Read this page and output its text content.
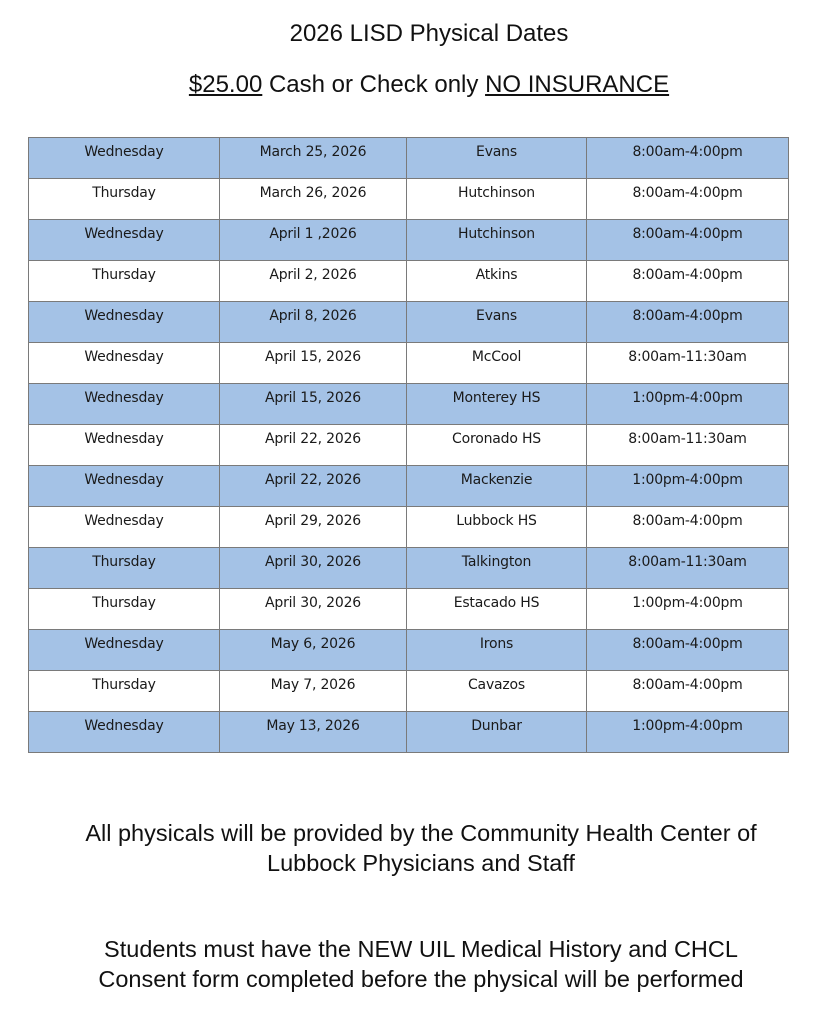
2026 LISD Physical Dates
$25.00 Cash or Check only NO INSURANCE
Wednesday	March 25, 2026	Evans	8:00am-4:00pm
Thursday	March 26, 2026	Hutchinson	8:00am-4:00pm
Wednesday	April 1 ,2026	Hutchinson	8:00am-4:00pm
Thursday	April 2, 2026	Atkins	8:00am-4:00pm
Wednesday	April 8, 2026	Evans	8:00am-4:00pm
Wednesday	April 15, 2026	McCool	8:00am-11:30am
Wednesday	April 15, 2026	Monterey HS	1:00pm-4:00pm
Wednesday	April 22, 2026	Coronado HS	8:00am-11:30am
Wednesday	April 22, 2026	Mackenzie	1:00pm-4:00pm
Wednesday	April 29, 2026	Lubbock HS	8:00am-4:00pm
Thursday	April 30, 2026	Talkington	8:00am-11:30am
Thursday	April 30, 2026	Estacado HS	1:00pm-4:00pm
Wednesday	May 6, 2026	Irons	8:00am-4:00pm
Thursday	May 7, 2026	Cavazos	8:00am-4:00pm
Wednesday	May 13, 2026	Dunbar	1:00pm-4:00pm
All physicals will be provided by the Community Health Center of
Lubbock Physicians and Staff
Students must have the NEW UIL Medical History and CHCL
Consent form completed before the physical will be performed
